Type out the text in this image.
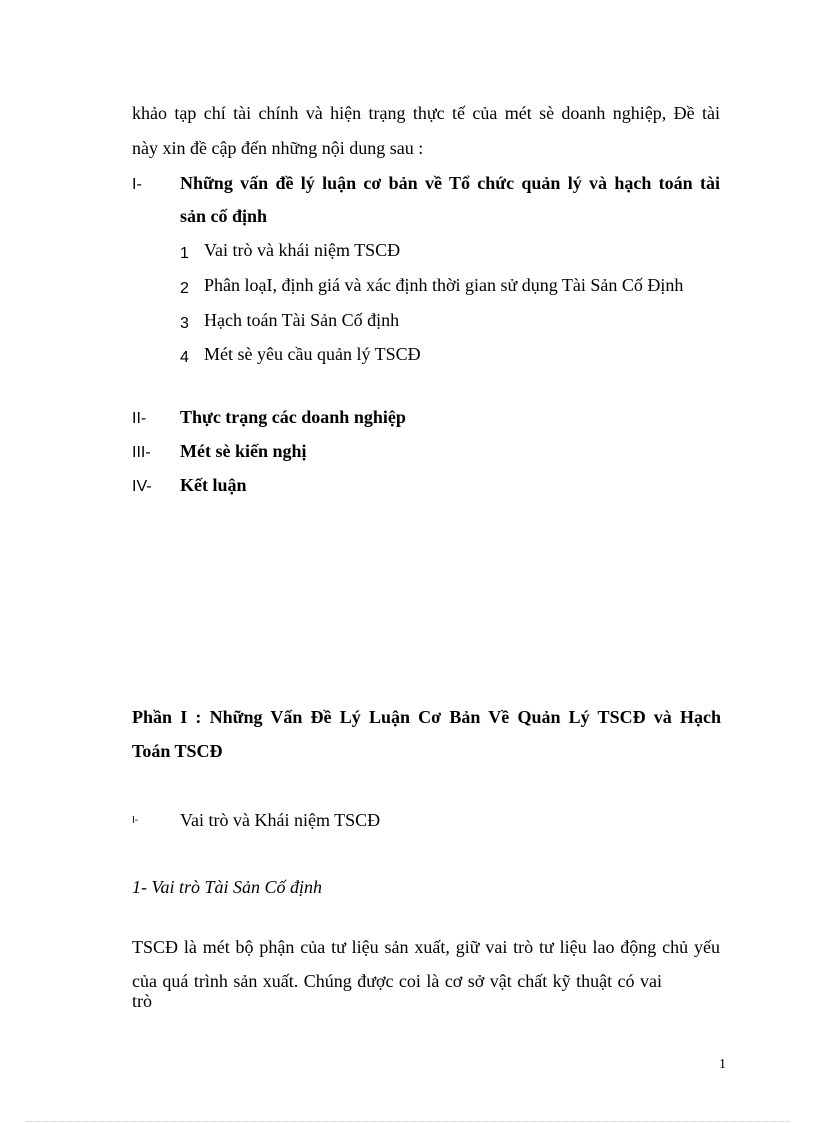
khảo tạp chí tài chính và hiện trạng thực tế của mét sè doanh nghiệp, Đề tài
này xin đề cập đến những nội dung sau :
I- Những vấn đề lý luận cơ bản về Tổ chức quản lý và hạch toán tài
sản cố định
1 Vai trò và khái niệm TSCĐ
2 Phân loạI, định giá và xác định thời gian sử dụng Tài Sản Cố Định
3 Hạch toán Tài Sản Cố định
4 Mét sè yêu cầu quản lý TSCĐ
II- Thực trạng các doanh nghiệp
III- Mét sè kiến nghị
IV- Kết luận
Phần I : Những Vấn Đề Lý Luận Cơ Bản Về Quản Lý TSCĐ và Hạch
Toán TSCĐ
I- Vai trò và Khái niệm TSCĐ
1- Vai trò Tài Sản Cố định
TSCĐ là mét bộ phận của tư liệu sản xuất, giữ vai trò tư liệu lao động chủ yếu
của quá trình sản xuất. Chúng được coi là cơ sở vật chất kỹ thuật có vai trò
1
